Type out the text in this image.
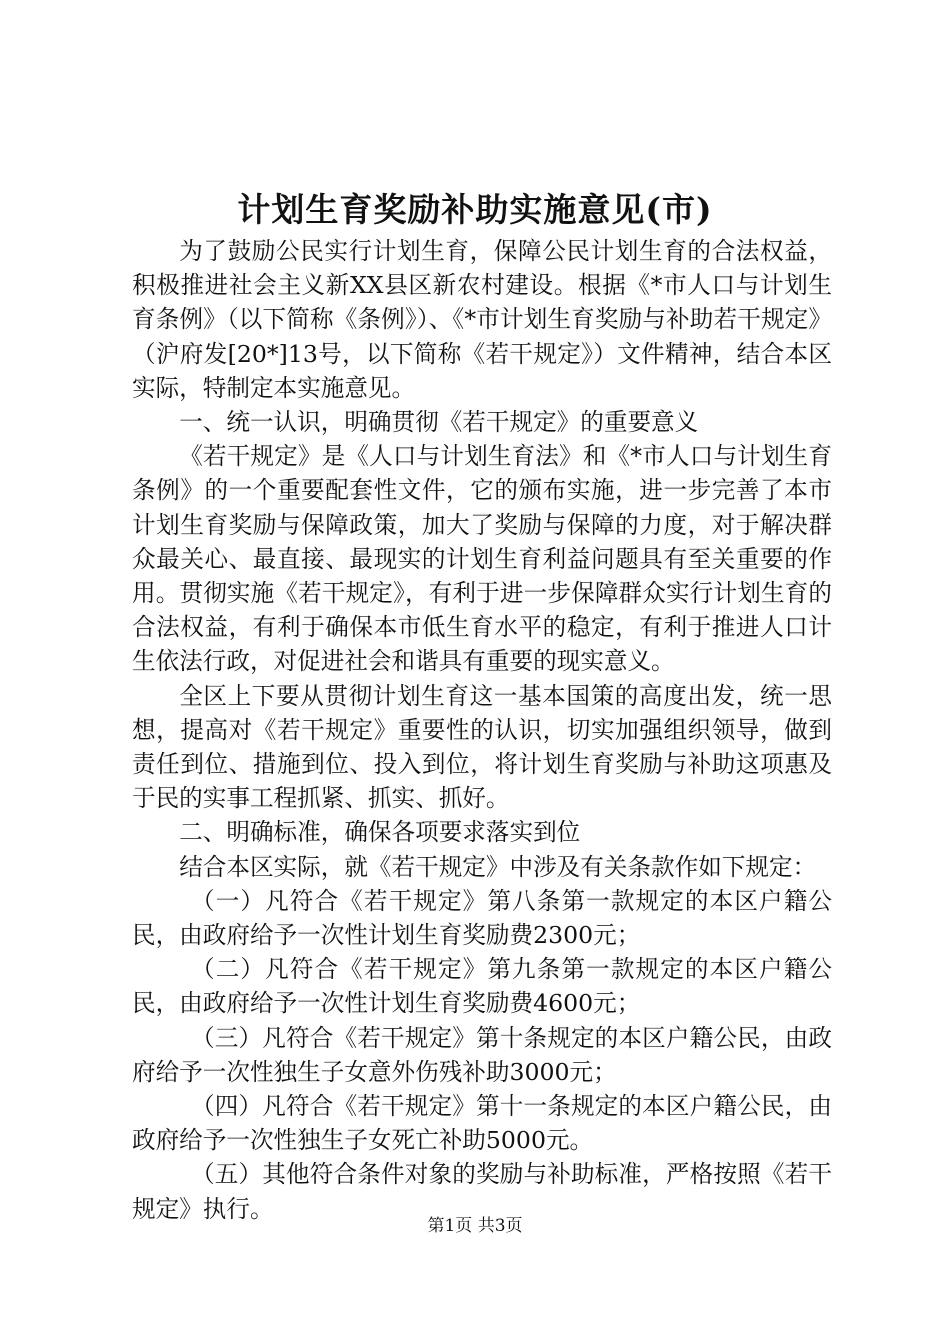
计划生育奖励补助实施意见(市)

为了鼓励公民实行计划生育，保障公民计划生育的合法权益，积极推进社会主义新XX县区新农村建设。根据《*市人口与计划生育条例》（以下简称《条例》）、《*市计划生育奖励与补助若干规定》（沪府发[20*]13号，以下简称《若干规定》）文件精神，结合本区实际，特制定本实施意见。

一、统一认识，明确贯彻《若干规定》的重要意义

《若干规定》是《人口与计划生育法》和《*市人口与计划生育条例》的一个重要配套性文件，它的颁布实施，进一步完善了本市计划生育奖励与保障政策，加大了奖励与保障的力度，对于解决群众最关心、最直接、最现实的计划生育利益问题具有至关重要的作用。贯彻实施《若干规定》，有利于进一步保障群众实行计划生育的合法权益，有利于确保本市低生育水平的稳定，有利于推进人口计生依法行政，对促进社会和谐具有重要的现实意义。

全区上下要从贯彻计划生育这一基本国策的高度出发，统一思想，提高对《若干规定》重要性的认识，切实加强组织领导，做到责任到位、措施到位、投入到位，将计划生育奖励与补助这项惠及于民的实事工程抓紧、抓实、抓好。

二、明确标准，确保各项要求落实到位

结合本区实际，就《若干规定》中涉及有关条款作如下规定：

（一）凡符合《若干规定》第八条第一款规定的本区户籍公民，由政府给予一次性计划生育奖励费2300元；

（二）凡符合《若干规定》第九条第一款规定的本区户籍公民，由政府给予一次性计划生育奖励费4600元；

（三）凡符合《若干规定》第十条规定的本区户籍公民，由政府给予一次性独生子女意外伤残补助3000元；

（四）凡符合《若干规定》第十一条规定的本区户籍公民，由政府给予一次性独生子女死亡补助5000元。

（五）其他符合条件对象的奖励与补助标准，严格按照《若干规定》执行。

第1页 共3页
